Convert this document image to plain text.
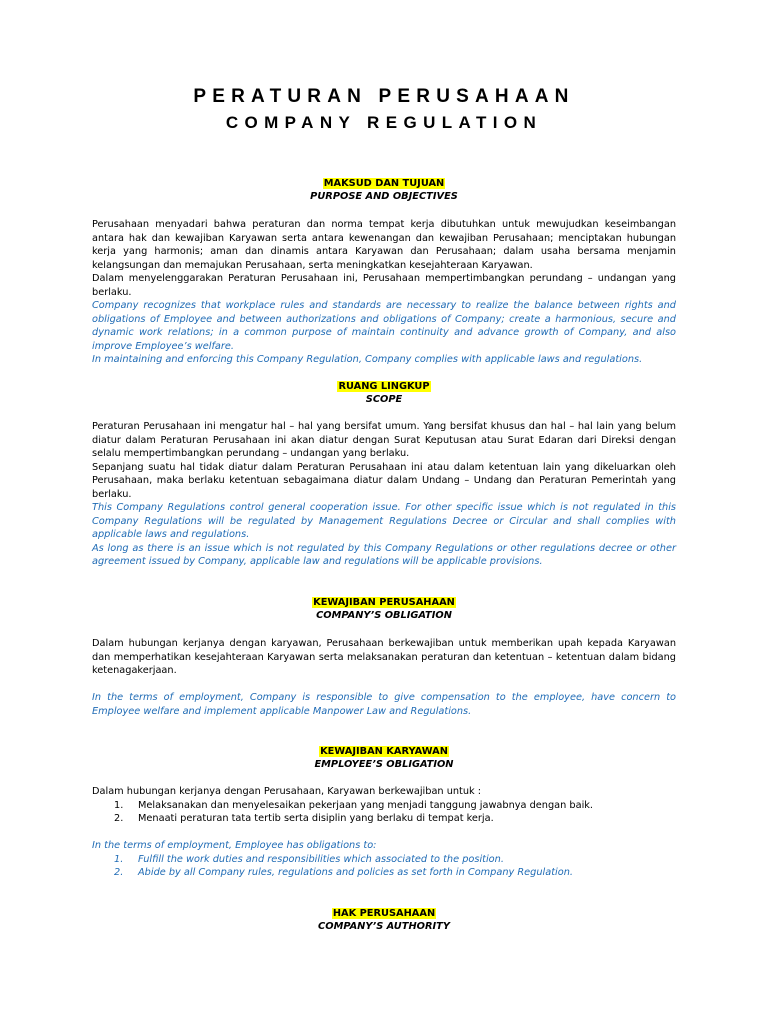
PERATURAN PERUSAHAAN
COMPANY REGULATION

MAKSUD DAN TUJUAN

PURPOSE AND OBJECTIVES

Perusahaan menyadari bahwa peraturan dan norma tempat kerja dibutuhkan untuk mewujudkan keseimbangan antara hak dan kewajiban Karyawan serta antara kewenangan dan kewajiban Perusahaan; menciptakan hubungan kerja yang harmonis; aman dan dinamis antara Karyawan dan Perusahaan; dalam usaha bersama menjamin kelangsungan dan memajukan Perusahaan, serta meningkatkan kesejahteraan Karyawan.

Dalam menyelenggarakan Peraturan Perusahaan ini, Perusahaan mempertimbangkan perundang – undangan yang berlaku.

Company recognizes that workplace rules and standards are necessary to realize the balance between rights and obligations of Employee and between authorizations and obligations of Company; create a harmonious, secure and dynamic work relations; in a common purpose of maintain continuity and advance growth of Company, and also improve Employee’s welfare.

In maintaining and enforcing this Company Regulation, Company complies with applicable laws and regulations.

RUANG LINGKUP

SCOPE

Peraturan Perusahaan ini mengatur hal – hal yang bersifat umum. Yang bersifat khusus dan hal – hal lain yang belum diatur dalam Peraturan Perusahaan ini akan diatur dengan Surat Keputusan atau Surat Edaran dari Direksi dengan selalu mempertimbangkan perundang – undangan yang berlaku.

Sepanjang suatu hal tidak diatur dalam Peraturan Perusahaan ini atau dalam ketentuan lain yang dikeluarkan oleh Perusahaan, maka berlaku ketentuan sebagaimana diatur dalam Undang – Undang dan Peraturan Pemerintah yang berlaku.

This Company Regulations control general cooperation issue. For other specific issue which is not regulated in this Company Regulations will be regulated by Management Regulations Decree or Circular and shall complies with applicable laws and regulations.

As long as there is an issue which is not regulated by this Company Regulations or other regulations decree or other agreement issued by Company, applicable law and regulations will be applicable provisions.

KEWAJIBAN PERUSAHAAN

COMPANY’S OBLIGATION

Dalam hubungan kerjanya dengan karyawan, Perusahaan berkewajiban untuk memberikan upah kepada Karyawan dan memperhatikan kesejahteraan Karyawan serta melaksanakan peraturan dan ketentuan – ketentuan dalam bidang ketenagakerjaan.

In the terms of employment, Company is responsible to give compensation to the employee, have concern to Employee welfare and implement applicable Manpower Law and Regulations.

KEWAJIBAN KARYAWAN

EMPLOYEE’S OBLIGATION

Dalam hubungan kerjanya dengan Perusahaan, Karyawan berkewajiban untuk :

1. Melaksanakan dan menyelesaikan pekerjaan yang menjadi tanggung jawabnya dengan baik.
2. Menaati peraturan tata tertib serta disiplin yang berlaku di tempat kerja.

In the terms of employment, Employee has obligations to:

1. Fulfill the work duties and responsibilities which associated to the position.
2. Abide by all Company rules, regulations and policies as set forth in Company Regulation.

HAK PERUSAHAAN

COMPANY’S AUTHORITY
